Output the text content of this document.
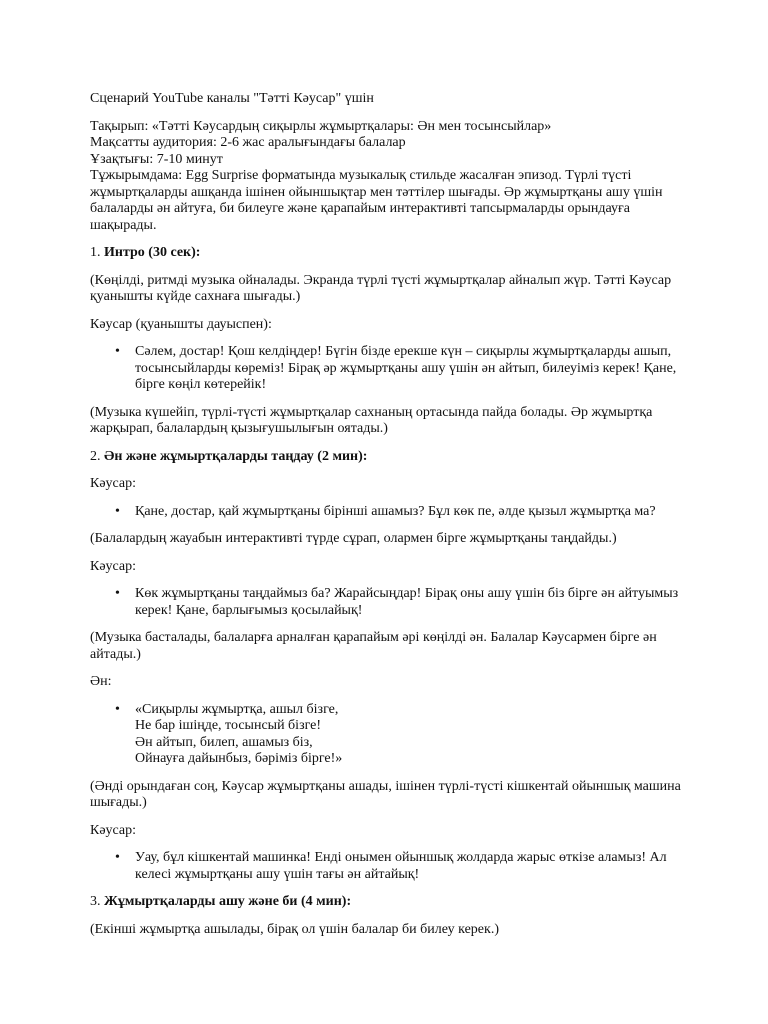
Сценарий YouTube каналы "Тәтті Кәусар" үшін

Тақырып: «Тәтті Кәусардың сиқырлы жұмыртқалары: Ән мен тосынсыйлар»

Мақсатты аудитория: 2-6 жас аралығындағы балалар

Ұзақтығы: 7-10 минут

Тұжырымдама: Egg Surprise форматында музыкалық стильде жасалған эпизод. Түрлі түсті жұмыртқаларды ашқанда ішінен ойыншықтар мен тәттілер шығады. Әр жұмыртқаны ашу үшін балаларды ән айтуға, би билеуге және қарапайым интерактивті тапсырмаларды орындауға шақырады.

1. Интро (30 сек):

(Көңілді, ритмді музыка ойналады. Экранда түрлі түсті жұмыртқалар айналып жүр. Тәтті Кәусар қуанышты күйде сахнаға шығады.)

Кәусар (қуанышты дауыспен):

• Сәлем, достар! Қош келдіңдер! Бүгін бізде ерекше күн – сиқырлы жұмыртқаларды ашып, тосынсыйларды көреміз! Бірақ әр жұмыртқаны ашу үшін ән айтып, билеуіміз керек! Қане, бірге көңіл көтерейік!

(Музыка күшейіп, түрлі-түсті жұмыртқалар сахнаның ортасында пайда болады. Әр жұмыртқа жарқырап, балалардың қызығушылығын оятады.)

2. Ән және жұмыртқаларды таңдау (2 мин):

Кәусар:

• Қане, достар, қай жұмыртқаны бірінші ашамыз? Бұл көк пе, әлде қызыл жұмыртқа ма?

(Балалардың жауабын интерактивті түрде сұрап, олармен бірге жұмыртқаны таңдайды.)

Кәусар:

• Көк жұмыртқаны таңдаймыз ба? Жарайсыңдар! Бірақ оны ашу үшін біз бірге ән айтуымыз керек! Қане, барлығымыз қосылайық!

(Музыка басталады, балаларға арналған қарапайым әрі көңілді ән. Балалар Кәусармен бірге ән айтады.)

Ән:

• «Сиқырлы жұмыртқа, ашыл бізге,
Не бар ішіңде, тосынсый бізге!
Ән айтып, билеп, ашамыз біз,
Ойнауға дайынбыз, бәріміз бірге!»

(Әнді орындаған соң, Кәусар жұмыртқаны ашады, ішінен түрлі-түсті кішкентай ойыншық машина шығады.)

Кәусар:

• Уау, бұл кішкентай машинка! Енді онымен ойыншық жолдарда жарыс өткізе аламыз! Ал келесі жұмыртқаны ашу үшін тағы ән айтайық!

3. Жұмыртқаларды ашу және би (4 мин):

(Екінші жұмыртқа ашылады, бірақ ол үшін балалар би билеу керек.)
